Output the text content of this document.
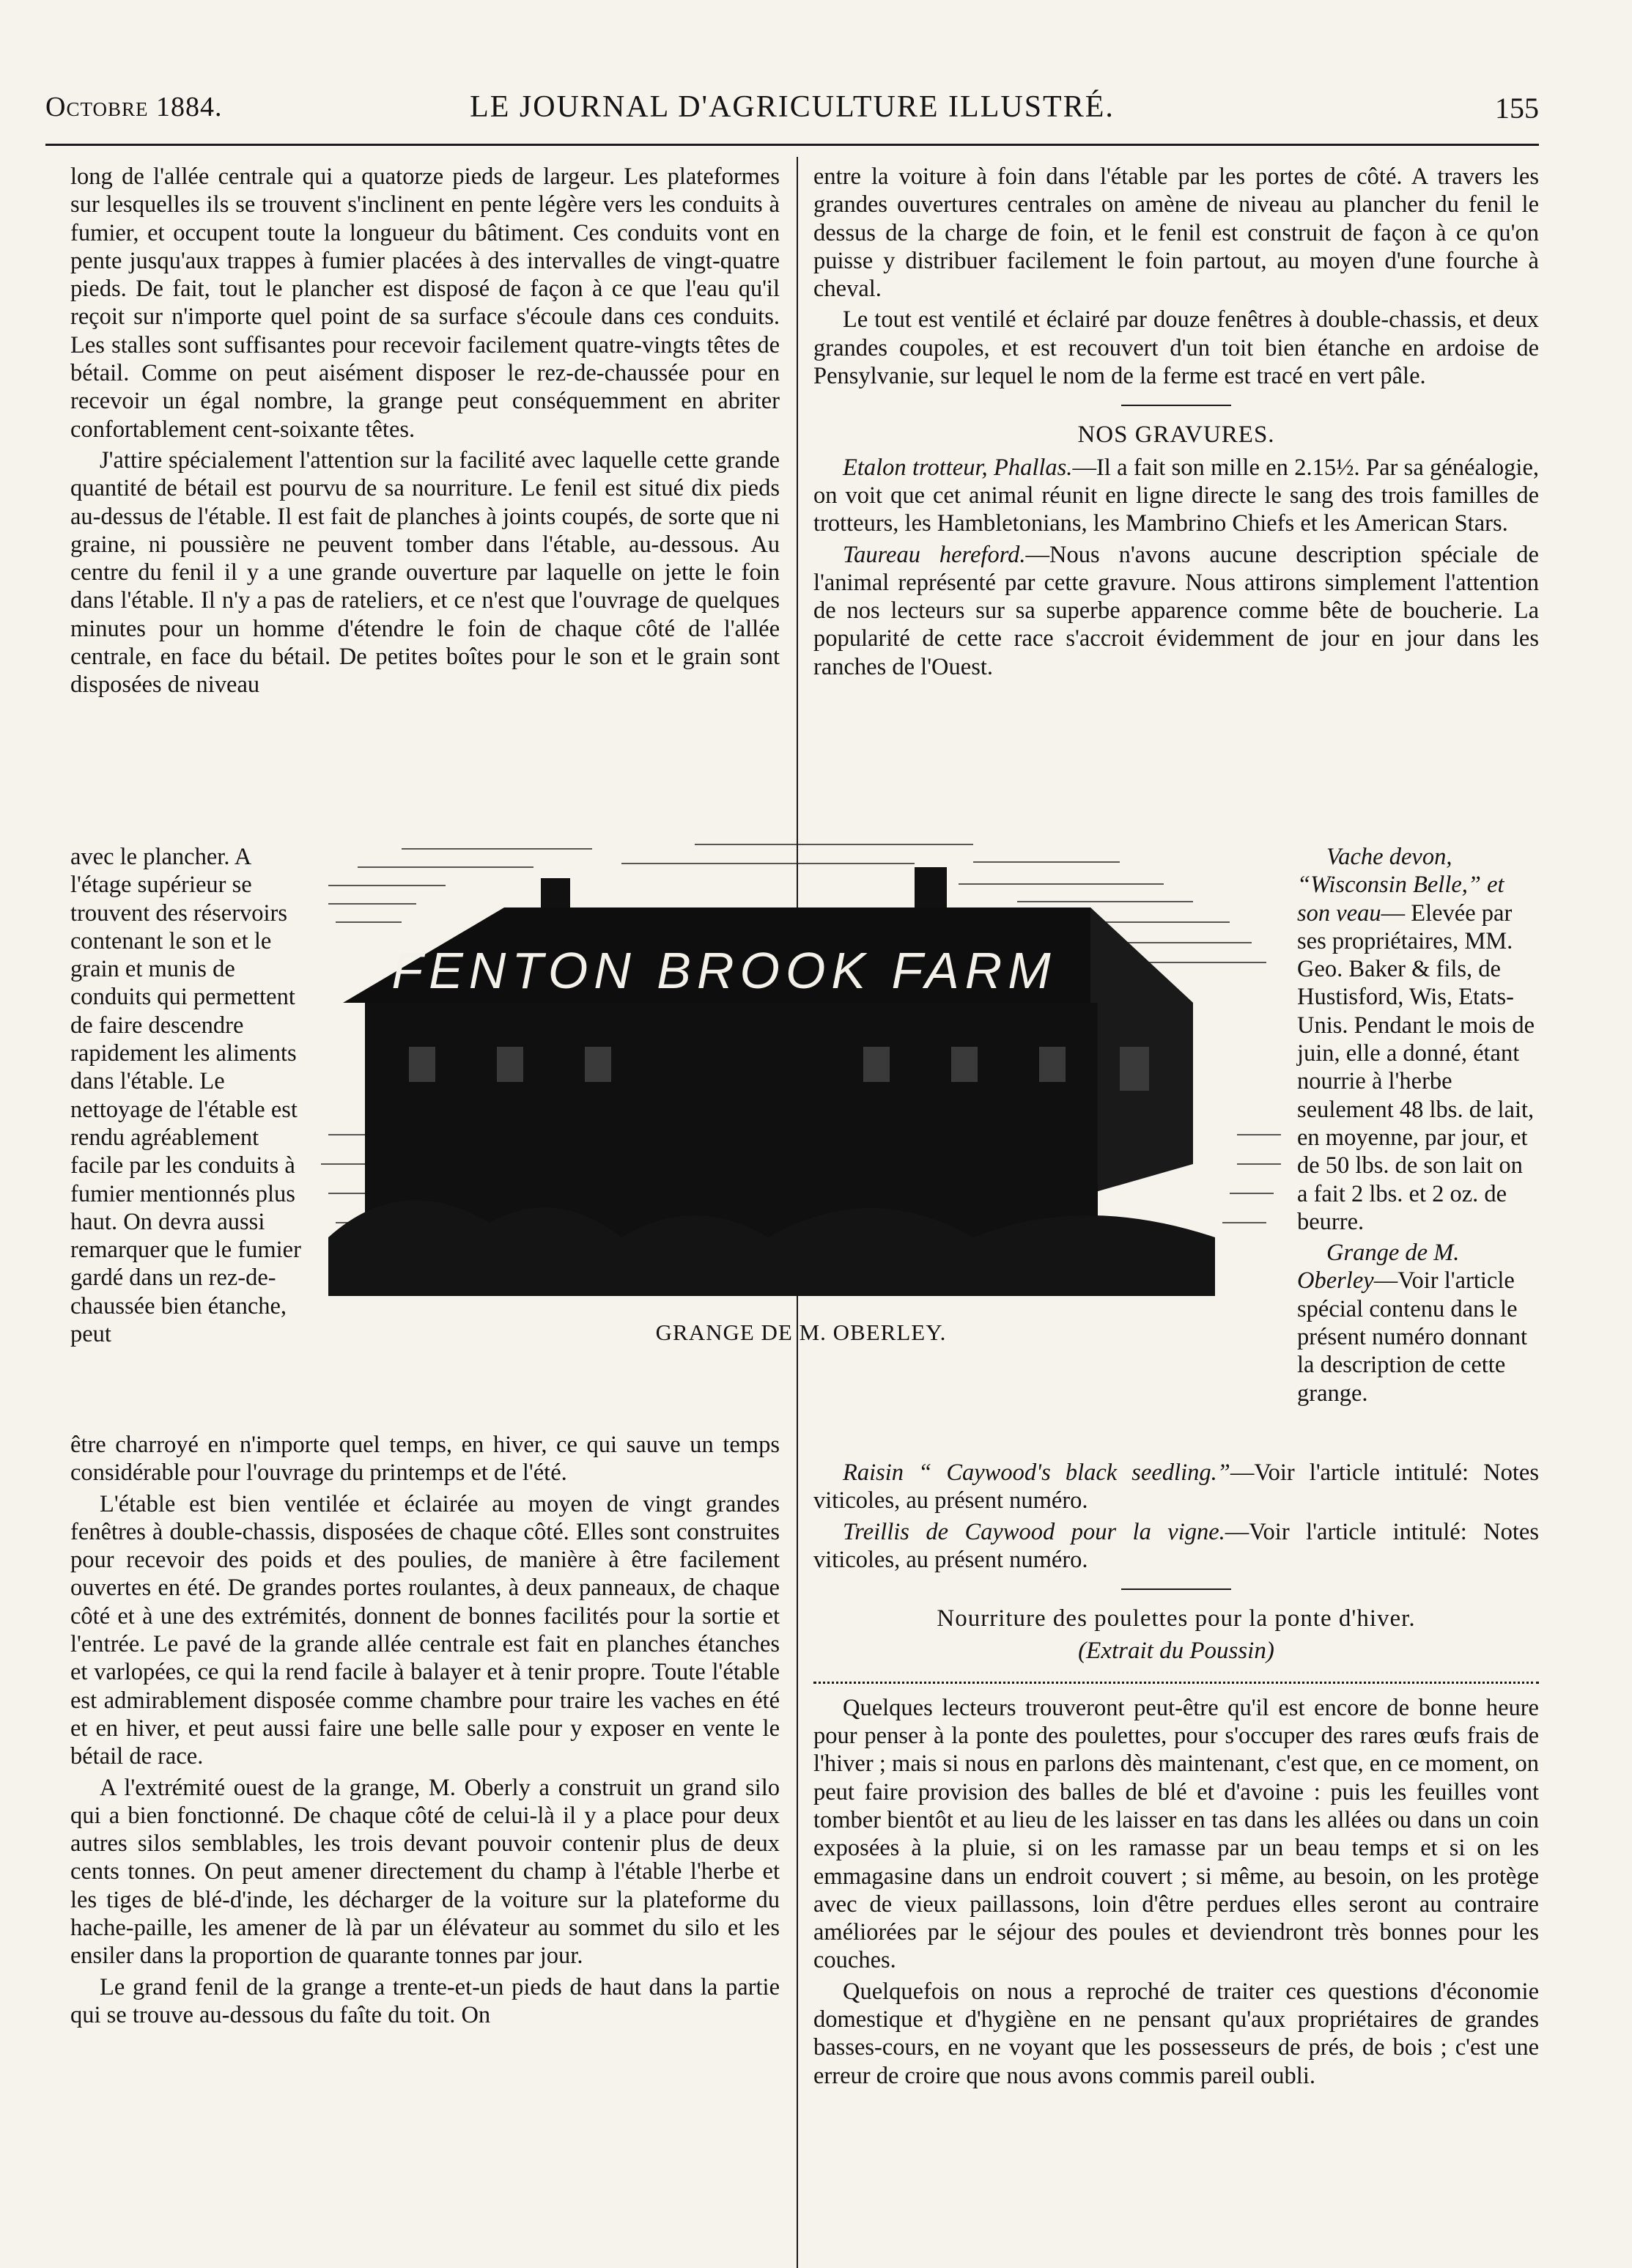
Octobre 1884.	LE JOURNAL D'AGRICULTURE ILLUSTRÉ.	155

long de l'allée centrale qui a quatorze pieds de largeur. Les plateformes sur lesquelles ils se trouvent s'inclinent en pente légère vers les conduits à fumier, et occupent toute la longueur du bâtiment. Ces conduits vont en pente jusqu'aux trappes à fumier placées à des intervalles de vingt-quatre pieds. De fait, tout le plancher est disposé de façon à ce que l'eau qu'il reçoit sur n'importe quel point de sa surface s'écoule dans ces conduits. Les stalles sont suffisantes pour recevoir facilement quatre-vingts têtes de bétail. Comme on peut aisément disposer le rez-de-chaussée pour en recevoir un égal nombre, la grange peut conséquemment en abriter confortablement cent-soixante têtes.

J'attire spécialement l'attention sur la facilité avec laquelle cette grande quantité de bétail est pourvu de sa nourriture. Le fenil est situé dix pieds au-dessus de l'étable. Il est fait de planches à joints coupés, de sorte que ni graine, ni poussière ne peuvent tomber dans l'étable, au-dessous. Au centre du fenil il y a une grande ouverture par laquelle on jette le foin dans l'étable. Il n'y a pas de rateliers, et ce n'est que l'ouvrage de quelques minutes pour un homme d'étendre le foin de chaque côté de l'allée centrale, en face du bétail. De petites boîtes pour le son et le grain sont disposées de niveau

avec le plancher. A l'étage supérieur se trouvent des réservoirs contenant le son et le grain et munis de conduits qui permettent de faire descendre rapidement les aliments dans l'étable. Le nettoyage de l'étable est rendu agréablement facile par les conduits à fumier mentionnés plus haut. On devra aussi remarquer que le fumier gardé dans un rez-de-chaussée bien étanche, peut

être charroyé en n'importe quel temps, en hiver, ce qui sauve un temps considérable pour l'ouvrage du printemps et de l'été.

L'étable est bien ventilée et éclairée au moyen de vingt grandes fenêtres à double-chassis, disposées de chaque côté. Elles sont construites pour recevoir des poids et des poulies, de manière à être facilement ouvertes en été. De grandes portes roulantes, à deux panneaux, de chaque côté et à une des extrémités, donnent de bonnes facilités pour la sortie et l'entrée. Le pavé de la grande allée centrale est fait en planches étanches et varlopées, ce qui la rend facile à balayer et à tenir propre. Toute l'étable est admirablement disposée comme chambre pour traire les vaches en été et en hiver, et peut aussi faire une belle salle pour y exposer en vente le bétail de race.

A l'extrémité ouest de la grange, M. Oberly a construit un grand silo qui a bien fonctionné. De chaque côté de celui-là il y a place pour deux autres silos semblables, les trois devant pouvoir contenir plus de deux cents tonnes. On peut amener directement du champ à l'étable l'herbe et les tiges de blé-d'inde, les décharger de la voiture sur la plateforme du hache-paille, les amener de là par un élévateur au sommet du silo et les ensiler dans la proportion de quarante tonnes par jour.

Le grand fenil de la grange a trente-et-un pieds de haut dans la partie qui se trouve au-dessous du faîte du toit. On

entre la voiture à foin dans l'étable par les portes de côté. A travers les grandes ouvertures centrales on amène de niveau au plancher du fenil le dessus de la charge de foin, et le fenil est construit de façon à ce qu'on puisse y distribuer facilement le foin partout, au moyen d'une fourche à cheval.

Le tout est ventilé et éclairé par douze fenêtres à double-chassis, et deux grandes coupoles, et est recouvert d'un toit bien étanche en ardoise de Pensylvanie, sur lequel le nom de la ferme est tracé en vert pâle.

NOS GRAVURES.

Etalon trotteur, Phallas.—Il a fait son mille en 2.15½. Par sa généalogie, on voit que cet animal réunit en ligne directe le sang des trois familles de trotteurs, les Hambletonians, les Mambrino Chiefs et les American Stars.

Taureau hereford.—Nous n'avons aucune description spéciale de l'animal représenté par cette gravure. Nous attirons simplement l'attention de nos lecteurs sur sa superbe apparence comme bête de boucherie. La popularité de cette race s'accroit évidemment de jour en jour dans les ranches de l'Ouest.

Vache devon, “Wisconsin Belle,” et son veau— Elevée par ses propriétaires, MM. Geo. Baker & fils, de Hustisford, Wis, Etats-Unis. Pendant le mois de juin, elle a donné, étant nourrie à l'herbe seulement 48 lbs. de lait, en moyenne, par jour, et de 50 lbs. de son lait on a fait 2 lbs. et 2 oz. de beurre.

Grange de M. Oberley—Voir l'article spécial contenu dans le présent numéro donnant la description de cette grange.

Raisin “ Caywood's black seedling.”—Voir l'article intitulé: Notes viticoles, au présent numéro.

Treillis de Caywood pour la vigne.—Voir l'article intitulé: Notes viticoles, au présent numéro.

Nourriture des poulettes pour la ponte d'hiver.
(Extrait du Poussin)

Quelques lecteurs trouveront peut-être qu'il est encore de bonne heure pour penser à la ponte des poulettes, pour s'occuper des rares œufs frais de l'hiver ; mais si nous en parlons dès maintenant, c'est que, en ce moment, on peut faire provision des balles de blé et d'avoine : puis les feuilles vont tomber bientôt et au lieu de les laisser en tas dans les allées ou dans un coin exposées à la pluie, si on les ramasse par un beau temps et si on les emmagasine dans un endroit couvert ; si même, au besoin, on les protège avec de vieux paillassons, loin d'être perdues elles seront au contraire améliorées par le séjour des poules et deviendront très bonnes pour les couches.

Quelquefois on nous a reproché de traiter ces questions d'économie domestique et d'hygiène en ne pensant qu'aux propriétaires de grandes basses-cours, en ne voyant que les possesseurs de prés, de bois ; c'est une erreur de croire que nous avons commis pareil oubli.

FENTON BROOK FARM
GRANGE DE M. OBERLEY.
